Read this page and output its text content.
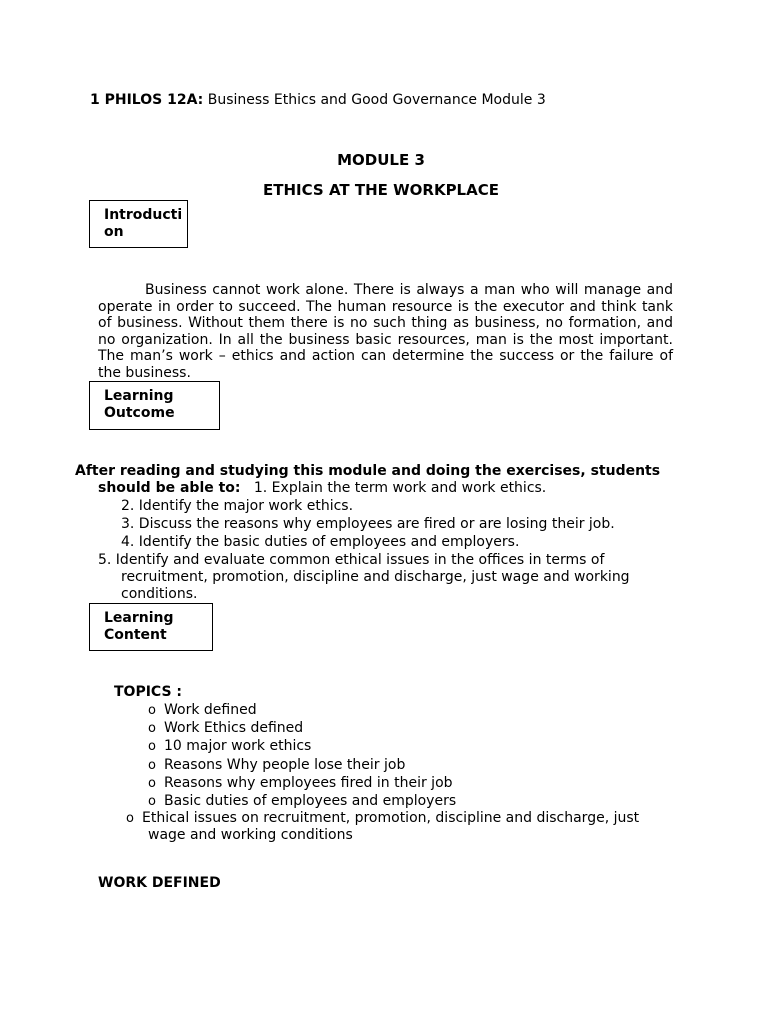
1 PHILOS 12A: Business Ethics and Good Governance Module 3
MODULE 3
ETHICS AT THE WORKPLACE
Introducti
on

Business cannot work alone. There is always a man who will manage and operate in order to succeed. The human resource is the executor and think tank of business. Without them there is no such thing as business, no formation, and no organization. In all the business basic resources, man is the most important. The man’s work – ethics and action can determine the success or the failure of the business.

Learning
Outcome
After reading and studying this module and doing the exercises, students
should be able to: 1. Explain the term work and work ethics.
2. Identify the major work ethics.
3. Discuss the reasons why employees are fired or are losing their job.
4. Identify the basic duties of employees and employers.
5. Identify and evaluate common ethical issues in the offices in terms of
recruitment, promotion, discipline and discharge, just wage and working
conditions.
Learning
Content
TOPICS :
o Work defined
o Work Ethics defined
o 10 major work ethics
o Reasons Why people lose their job
o Reasons why employees fired in their job
o Basic duties of employees and employers
o Ethical issues on recruitment, promotion, discipline and discharge, just
wage and working conditions
WORK DEFINED
